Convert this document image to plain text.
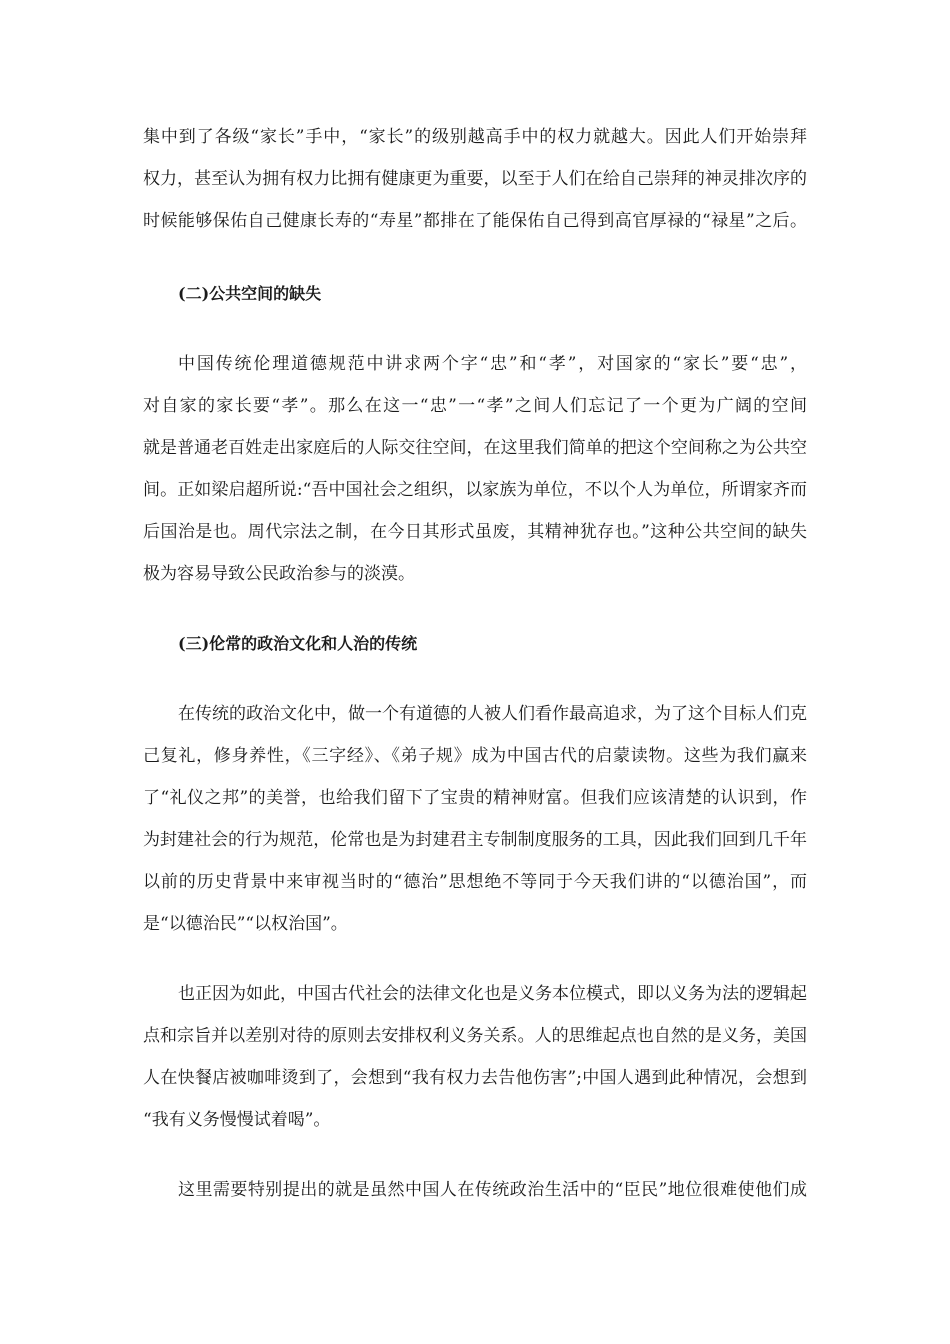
集中到了各级“家长”手中，“家长”的级别越高手中的权力就越大。因此人们开始崇拜
权力，甚至认为拥有权力比拥有健康更为重要，以至于人们在给自己崇拜的神灵排次序的
时候能够保佑自己健康长寿的“寿星”都排在了能保佑自己得到高官厚禄的“禄星”之后。
(二)公共空间的缺失
中国传统伦理道德规范中讲求两个字“忠”和“孝”，对国家的“家长”要“忠”，
对自家的家长要“孝”。那么在这一“忠”一“孝”之间人们忘记了一个更为广阔的空间
就是普通老百姓走出家庭后的人际交往空间，在这里我们简单的把这个空间称之为公共空
间。正如梁启超所说:“吾中国社会之组织，以家族为单位，不以个人为单位，所谓家齐而
后国治是也。周代宗法之制，在今日其形式虽废，其精神犹存也。”这种公共空间的缺失
极为容易导致公民政治参与的淡漠。
(三)伦常的政治文化和人治的传统
在传统的政治文化中，做一个有道德的人被人们看作最高追求，为了这个目标人们克
己复礼，修身养性，《三字经》、《弟子规》成为中国古代的启蒙读物。这些为我们赢来
了“礼仪之邦”的美誉，也给我们留下了宝贵的精神财富。但我们应该清楚的认识到，作
为封建社会的行为规范，伦常也是为封建君主专制制度服务的工具，因此我们回到几千年
以前的历史背景中来审视当时的“德治”思想绝不等同于今天我们讲的“以德治国”，而
是“以德治民”“以权治国”。
也正因为如此，中国古代社会的法律文化也是义务本位模式，即以义务为法的逻辑起
点和宗旨并以差别对待的原则去安排权利义务关系。人的思维起点也自然的是义务，美国
人在快餐店被咖啡烫到了，会想到“我有权力去告他伤害”;中国人遇到此种情况，会想到
“我有义务慢慢试着喝”。
这里需要特别提出的就是虽然中国人在传统政治生活中的“臣民”地位很难使他们成
